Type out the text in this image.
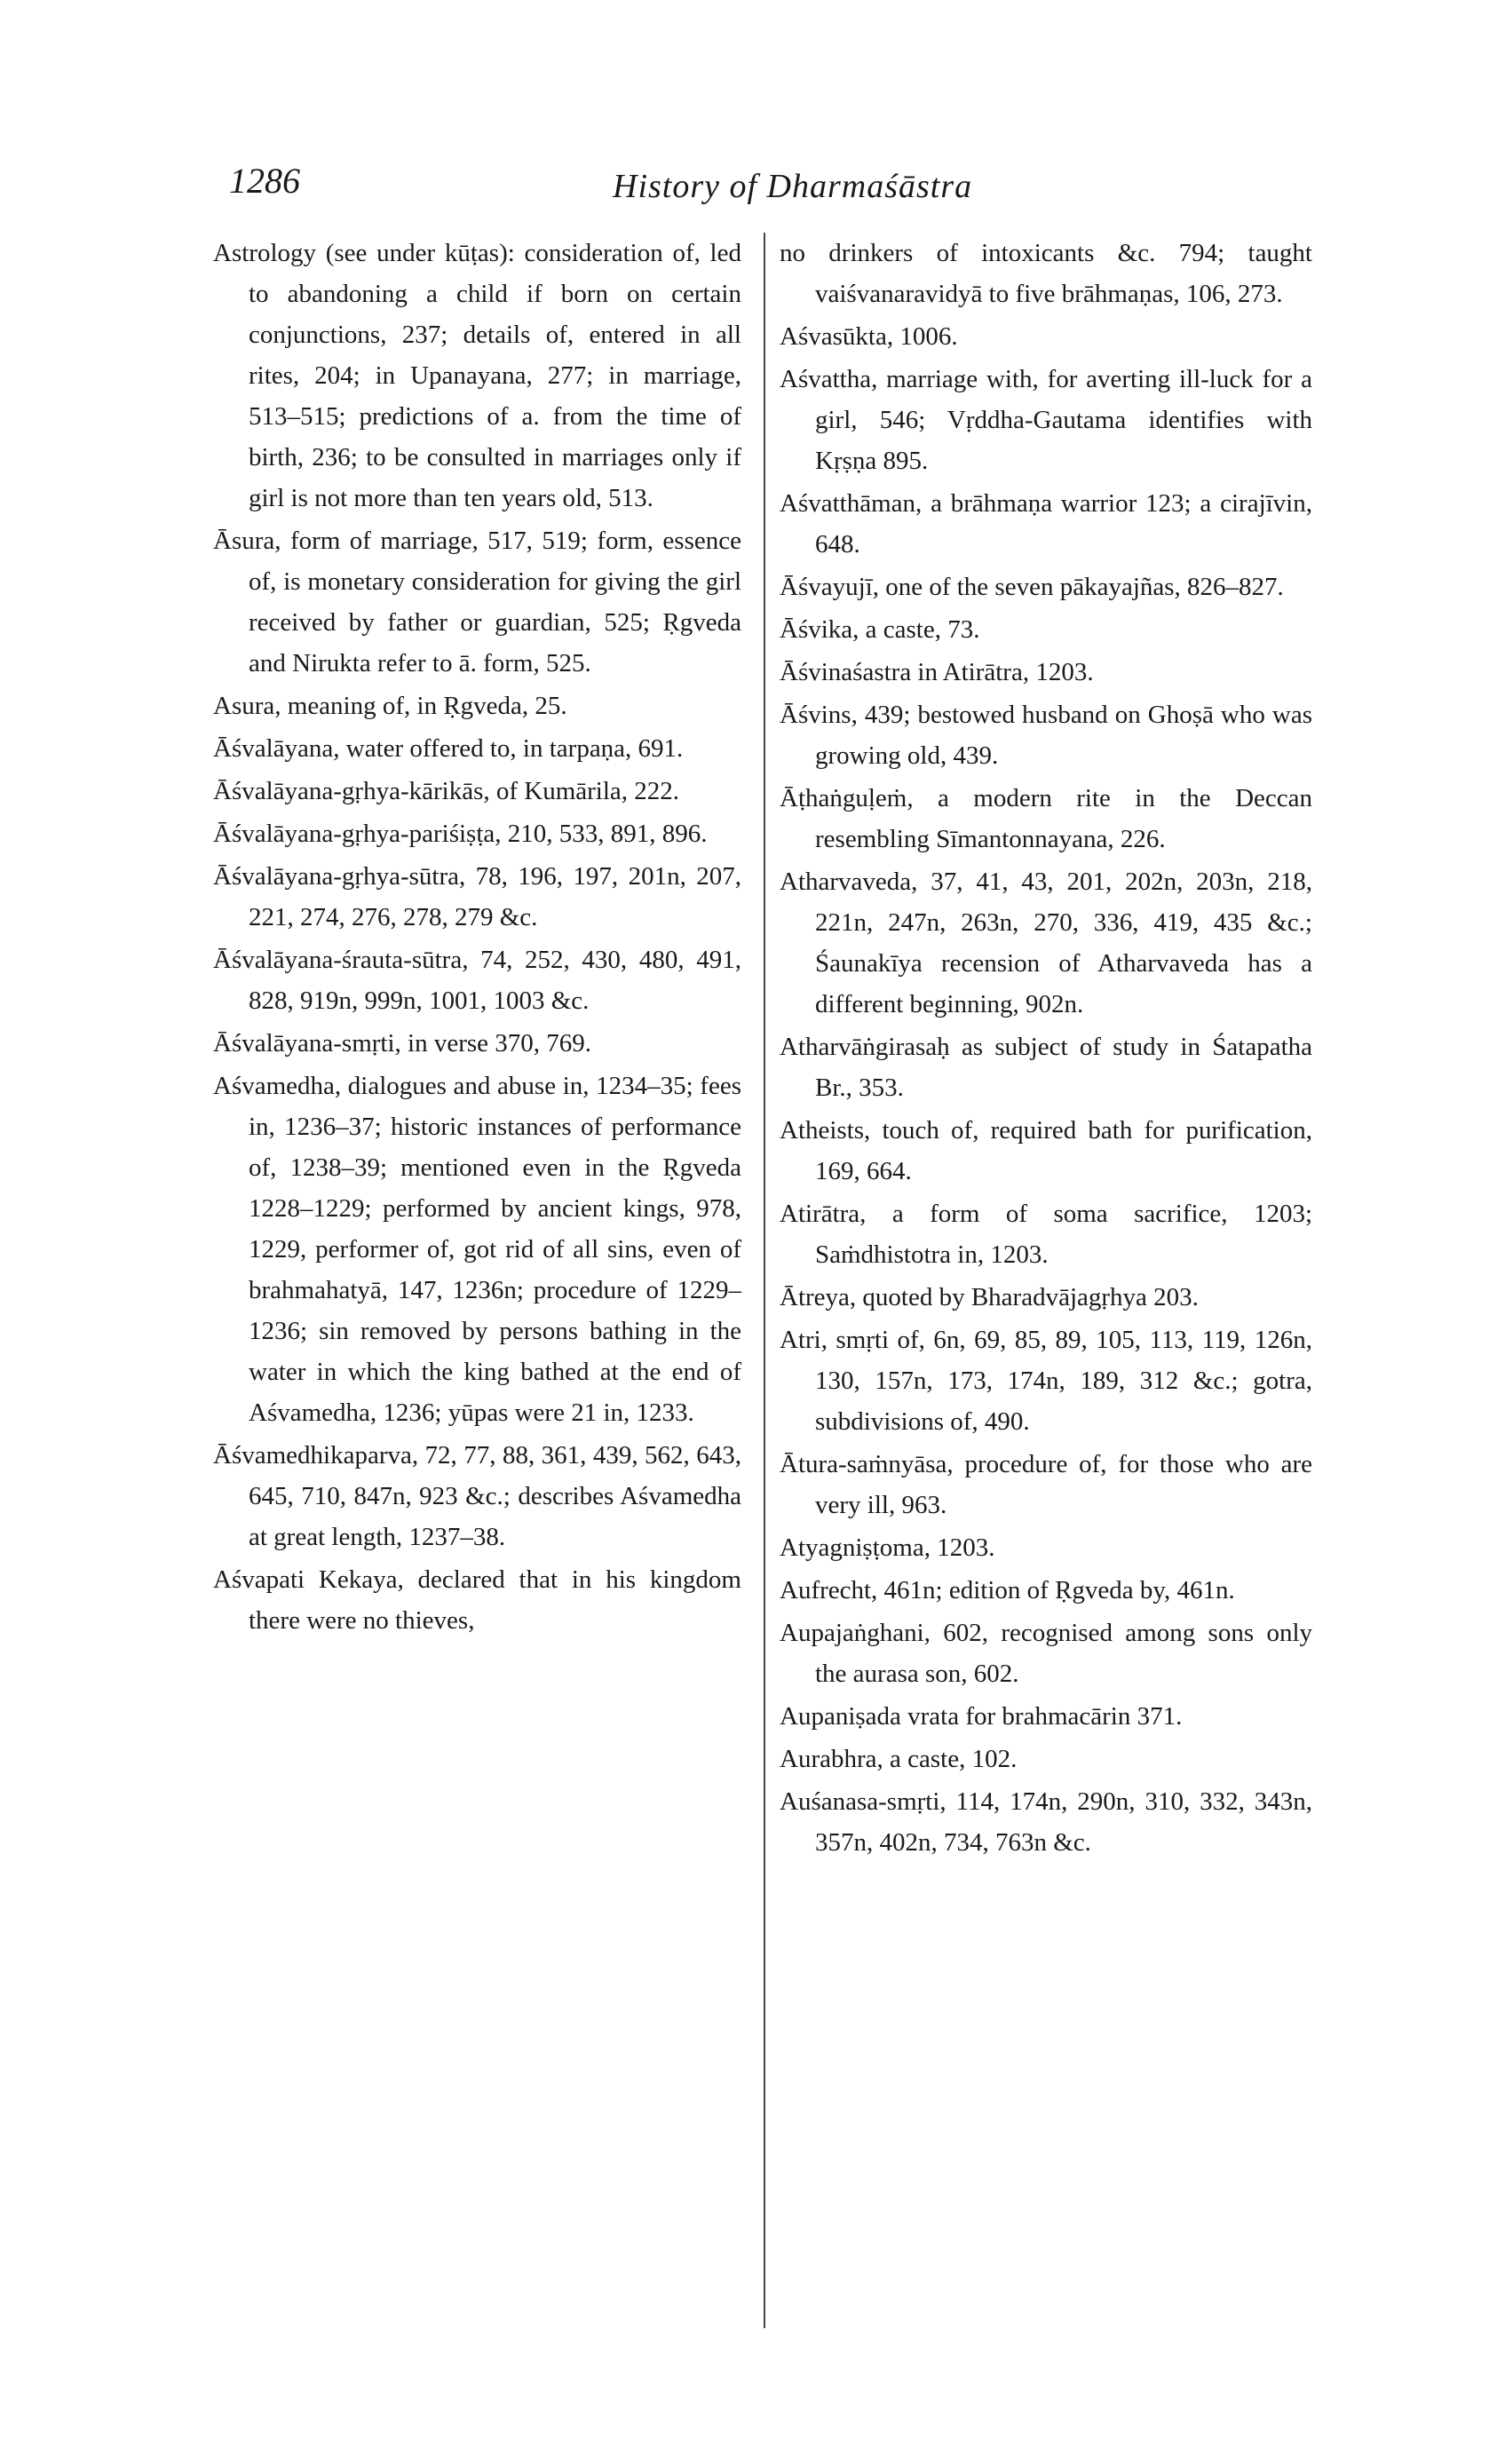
1286	History of Dharmaśāstra

Astrology (see under kūṭas): consideration of, led to abandoning a child if born on certain conjunctions, 237; details of, entered in all rites, 204; in Upanayana, 277; in marriage, 513–515; predictions of a. from the time of birth, 236; to be consulted in marriages only if girl is not more than ten years old, 513.

Āsura, form of marriage, 517, 519; form, essence of, is monetary consideration for giving the girl received by father or guardian, 525; Ṛgveda and Nirukta refer to ā. form, 525.

Asura, meaning of, in Ṛgveda, 25.

Āśvalāyana, water offered to, in tarpaṇa, 691.

Āśvalāyana-gṛhya-kārikās, of Kumārila, 222.

Āśvalāyana-gṛhya-pariśiṣṭa, 210, 533, 891, 896.

Āśvalāyana-gṛhya-sūtra, 78, 196, 197, 201n, 207, 221, 274, 276, 278, 279 &c.

Āśvalāyana-śrauta-sūtra, 74, 252, 430, 480, 491, 828, 919n, 999n, 1001, 1003 &c.

Āśvalāyana-smṛti, in verse 370, 769.

Aśvamedha, dialogues and abuse in, 1234–35; fees in, 1236–37; historic instances of performance of, 1238–39; mentioned even in the Ṛgveda 1228–1229; performed by ancient kings, 978, 1229, performer of, got rid of all sins, even of brahmahatyā, 147, 1236n; procedure of 1229–1236; sin removed by persons bathing in the water in which the king bathed at the end of Aśvamedha, 1236; yūpas were 21 in, 1233.

Āśvamedhikaparva, 72, 77, 88, 361, 439, 562, 643, 645, 710, 847n, 923 &c.; describes Aśvamedha at great length, 1237–38.

Aśvapati Kekaya, declared that in his kingdom there were no thieves,

no drinkers of intoxicants &c. 794; taught vaiśvanaravidyā to five brāhmaṇas, 106, 273.

Aśvasūkta, 1006.

Aśvattha, marriage with, for averting ill-luck for a girl, 546; Vṛddha-Gautama identifies with Kṛṣṇa 895.

Aśvatthāman, a brāhmaṇa warrior 123; a cirajīvin, 648.

Āśvayujī, one of the seven pākayajñas, 826–827.

Āśvika, a caste, 73.

Āśvinaśastra in Atirātra, 1203.

Āśvins, 439; bestowed husband on Ghoṣā who was growing old, 439.

Āṭhaṅguḷeṁ, a modern rite in the Deccan resembling Sīmantonnayana, 226.

Atharvaveda, 37, 41, 43, 201, 202n, 203n, 218, 221n, 247n, 263n, 270, 336, 419, 435 &c.; Śaunakīya recension of Atharvaveda has a different beginning, 902n.

Atharvāṅgirasaḥ as subject of study in Śatapatha Br., 353.

Atheists, touch of, required bath for purification, 169, 664.

Atirātra, a form of soma sacrifice, 1203; Saṁdhistotra in, 1203.

Ātreya, quoted by Bharadvājagṛhya 203.

Atri, smṛti of, 6n, 69, 85, 89, 105, 113, 119, 126n, 130, 157n, 173, 174n, 189, 312 &c.; gotra, subdivisions of, 490.

Ātura-saṁnyāsa, procedure of, for those who are very ill, 963.

Atyagniṣṭoma, 1203.

Aufrecht, 461n; edition of Ṛgveda by, 461n.

Aupajaṅghani, 602, recognised among sons only the aurasa son, 602.

Aupaniṣada vrata for brahmacārin 371.

Aurabhra, a caste, 102.

Auśanasa-smṛti, 114, 174n, 290n, 310, 332, 343n, 357n, 402n, 734, 763n &c.
